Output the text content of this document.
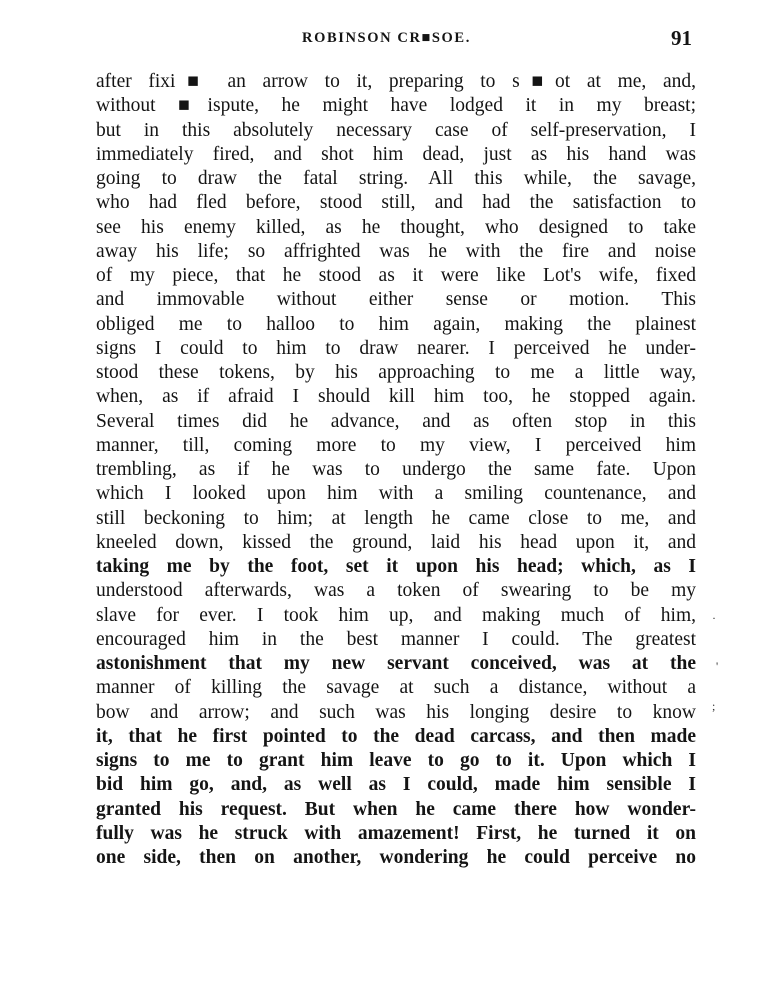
ROBINSON CR■SOE.	91
after fixi■ an arrow to it, preparing to s■ot at me, and,
without ■ispute, he might have lodged it in my breast;
but in this absolutely necessary case of self-preservation, I
immediately fired, and shot him dead, just as his hand was
going to draw the fatal string. All this while, the savage,
who had fled before, stood still, and had the satisfaction to
see his enemy killed, as he thought, who designed to take
away his life; so affrighted was he with the fire and noise
of my piece, that he stood as it were like Lot's wife, fixed
and immovable without either sense or motion. This
obliged me to halloo to him again, making the plainest
signs I could to him to draw nearer. I perceived he under-
stood these tokens, by his approaching to me a little way,
when, as if afraid I should kill him too, he stopped again.
Several times did he advance, and as often stop in this
manner, till, coming more to my view, I perceived him
trembling, as if he was to undergo the same fate. Upon
which I looked upon him with a smiling countenance, and
still beckoning to him; at length he came close to me, and
kneeled down, kissed the ground, laid his head upon it, and
taking me by the foot, set it upon his head; which, as I
understood afterwards, was a token of swearing to be my
slave for ever. I took him up, and making much of him,
encouraged him in the best manner I could. The greatest
astonishment that my new servant conceived, was at the
manner of killing the savage at such a distance, without a
bow and arrow; and such was his longing desire to know
it, that he first pointed to the dead carcass, and then made
signs to me to grant him leave to go to it. Upon which I
bid him go, and, as well as I could, made him sensible I
granted his request. But when he came there how wonder-
fully was he struck with amazement! First, he turned it on
one side, then on another, wondering he could perceive no
·
'
;
